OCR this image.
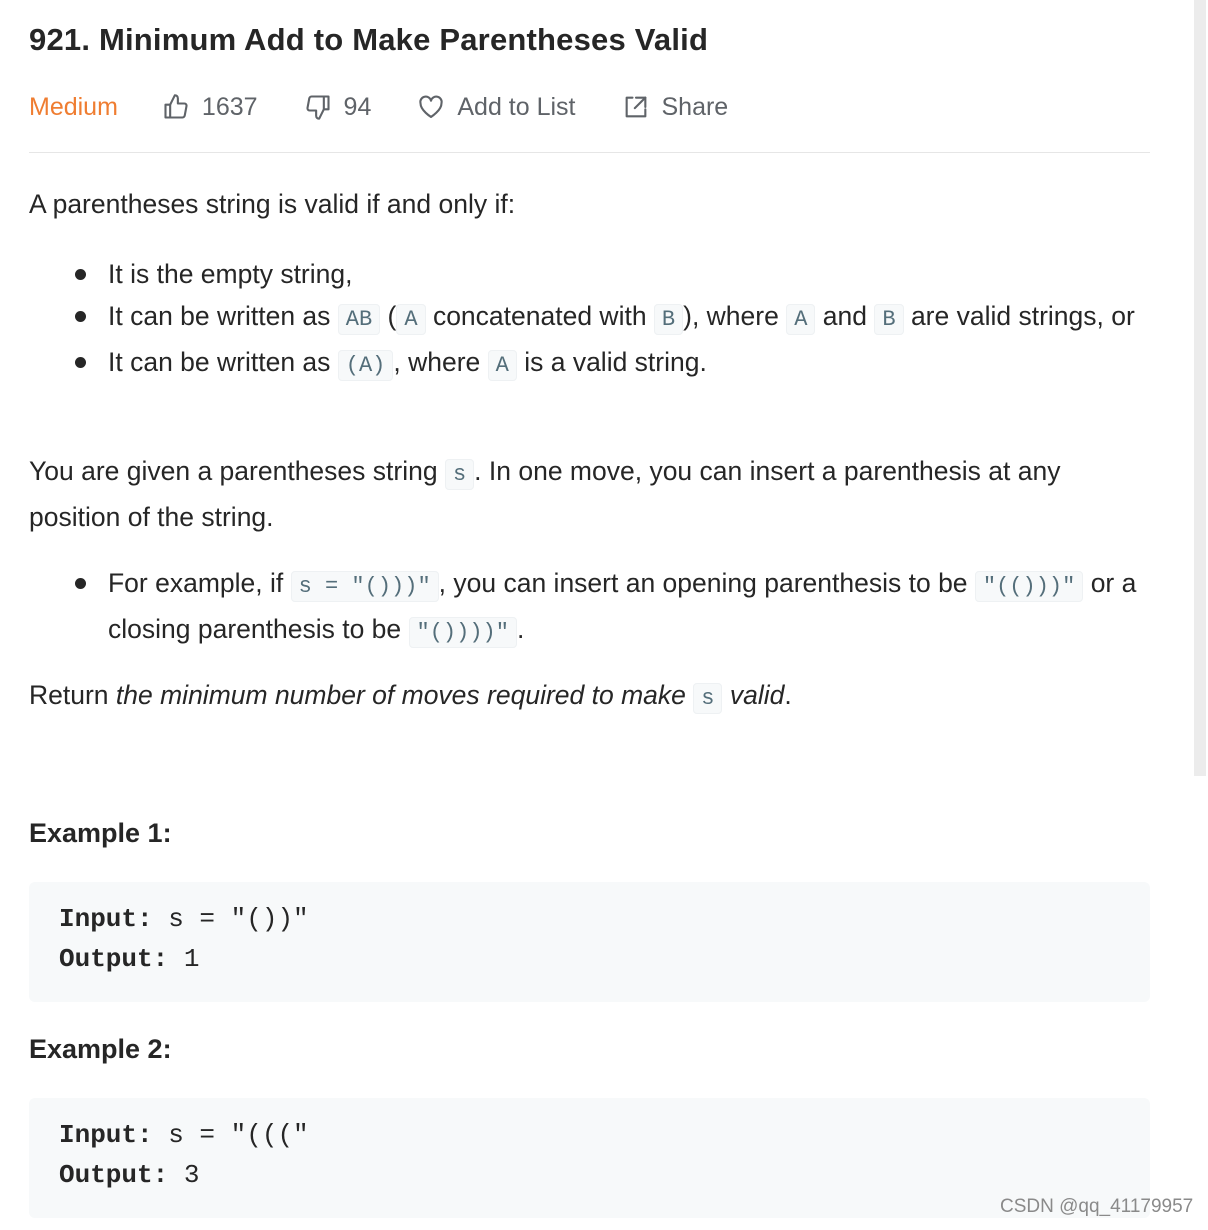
921. Minimum Add to Make Parentheses Valid
Medium	1637	94	Add to List	Share
A parentheses string is valid if and only if:
It is the empty string,
It can be written as AB ( A concatenated with B ), where A and B are valid strings, or
It can be written as (A) , where A is a valid string.
You are given a parentheses string s . In one move, you can insert a parenthesis at any position of the string.
For example, if s = "()))" , you can insert an opening parenthesis to be "(()))" or a closing parenthesis to be "())))" .
Return the minimum number of moves required to make s valid.
Example 1:
Input: s = "())"
Output: 1
Example 2:
Input: s = "((("
Output: 3
CSDN @qq_41179957
